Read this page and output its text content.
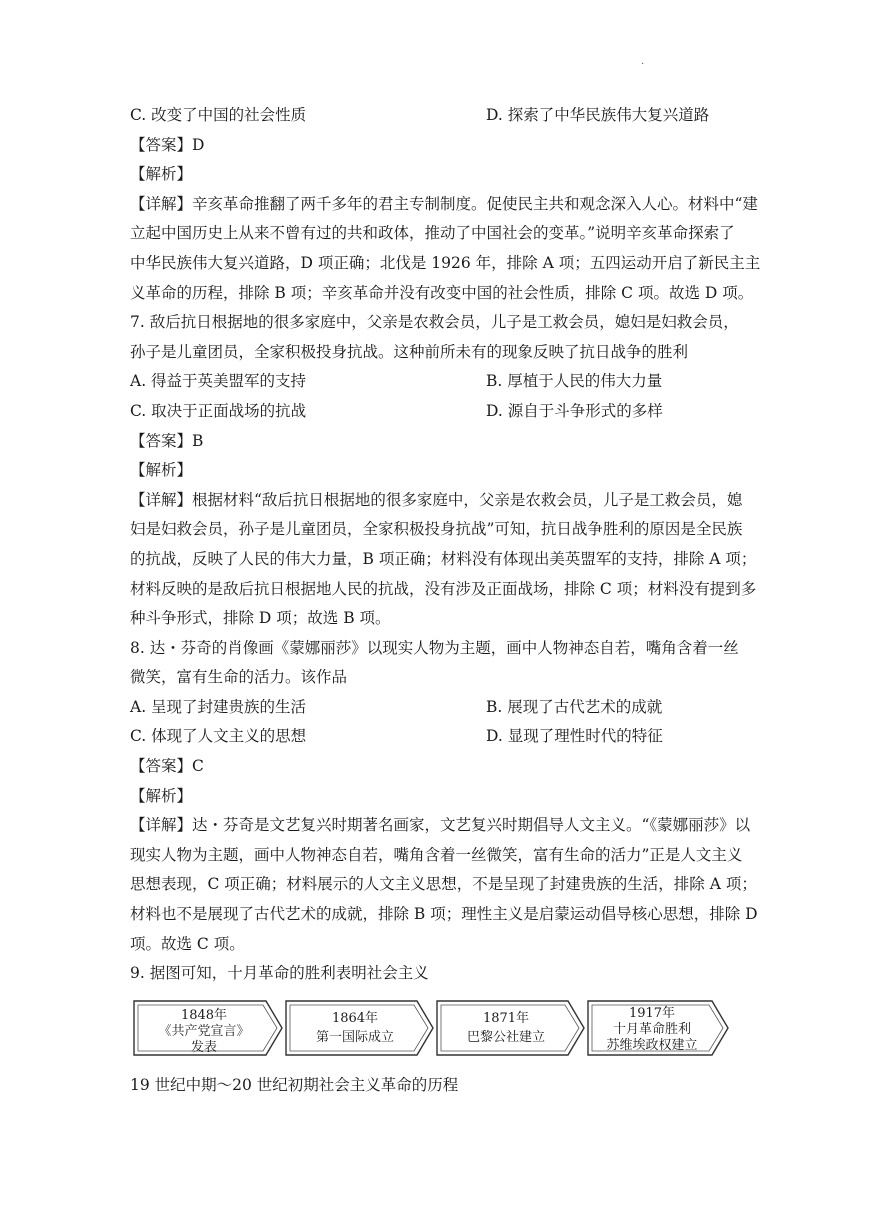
.
C. 改变了中国的社会性质	D. 探索了中华民族伟大复兴道路
【答案】D
【解析】
【详解】辛亥革命推翻了两千多年的君主专制制度。促使民主共和观念深入人心。材料中“建
立起中国历史上从来不曾有过的共和政体，推动了中国社会的变革。”说明辛亥革命探索了
中华民族伟大复兴道路，D 项正确；北伐是 1926 年，排除 A 项；五四运动开启了新民主主
义革命的历程，排除 B 项；辛亥革命并没有改变中国的社会性质，排除 C 项。故选 D 项。
7. 敌后抗日根据地的很多家庭中，父亲是农救会员，儿子是工救会员，媳妇是妇救会员，
孙子是儿童团员，全家积极投身抗战。这种前所未有的现象反映了抗日战争的胜利
A. 得益于英美盟军的支持	B. 厚植于人民的伟大力量
C. 取决于正面战场的抗战	D. 源自于斗争形式的多样
【答案】B
【解析】
【详解】根据材料“敌后抗日根据地的很多家庭中，父亲是农救会员，儿子是工救会员，媳
妇是妇救会员，孙子是儿童团员，全家积极投身抗战”可知，抗日战争胜利的原因是全民族
的抗战，反映了人民的伟大力量，B 项正确；材料没有体现出美英盟军的支持，排除 A 项；
材料反映的是敌后抗日根据地人民的抗战，没有涉及正面战场，排除 C 项；材料没有提到多
种斗争形式，排除 D 项；故选 B 项。
8. 达・芬奇的肖像画《蒙娜丽莎》以现实人物为主题，画中人物神态自若，嘴角含着一丝
微笑，富有生命的活力。该作品
A. 呈现了封建贵族的生活	B. 展现了古代艺术的成就
C. 体现了人文主义的思想	D. 显现了理性时代的特征
【答案】C
【解析】
【详解】达・芬奇是文艺复兴时期著名画家，文艺复兴时期倡导人文主义。“《蒙娜丽莎》以
现实人物为主题，画中人物神态自若，嘴角含着一丝微笑，富有生命的活力”正是人文主义
思想表现，C 项正确；材料展示的人文主义思想，不是呈现了封建贵族的生活，排除 A 项；
材料也不是展现了古代艺术的成就，排除 B 项；理性主义是启蒙运动倡导核心思想，排除 D
项。故选 C 项。
9. 据图可知，十月革命的胜利表明社会主义
1848年
《共产党宣言》
发表
1864年
第一国际成立
1871年
巴黎公社建立
1917年
十月革命胜利
苏维埃政权建立
19 世纪中期～20 世纪初期社会主义革命的历程
